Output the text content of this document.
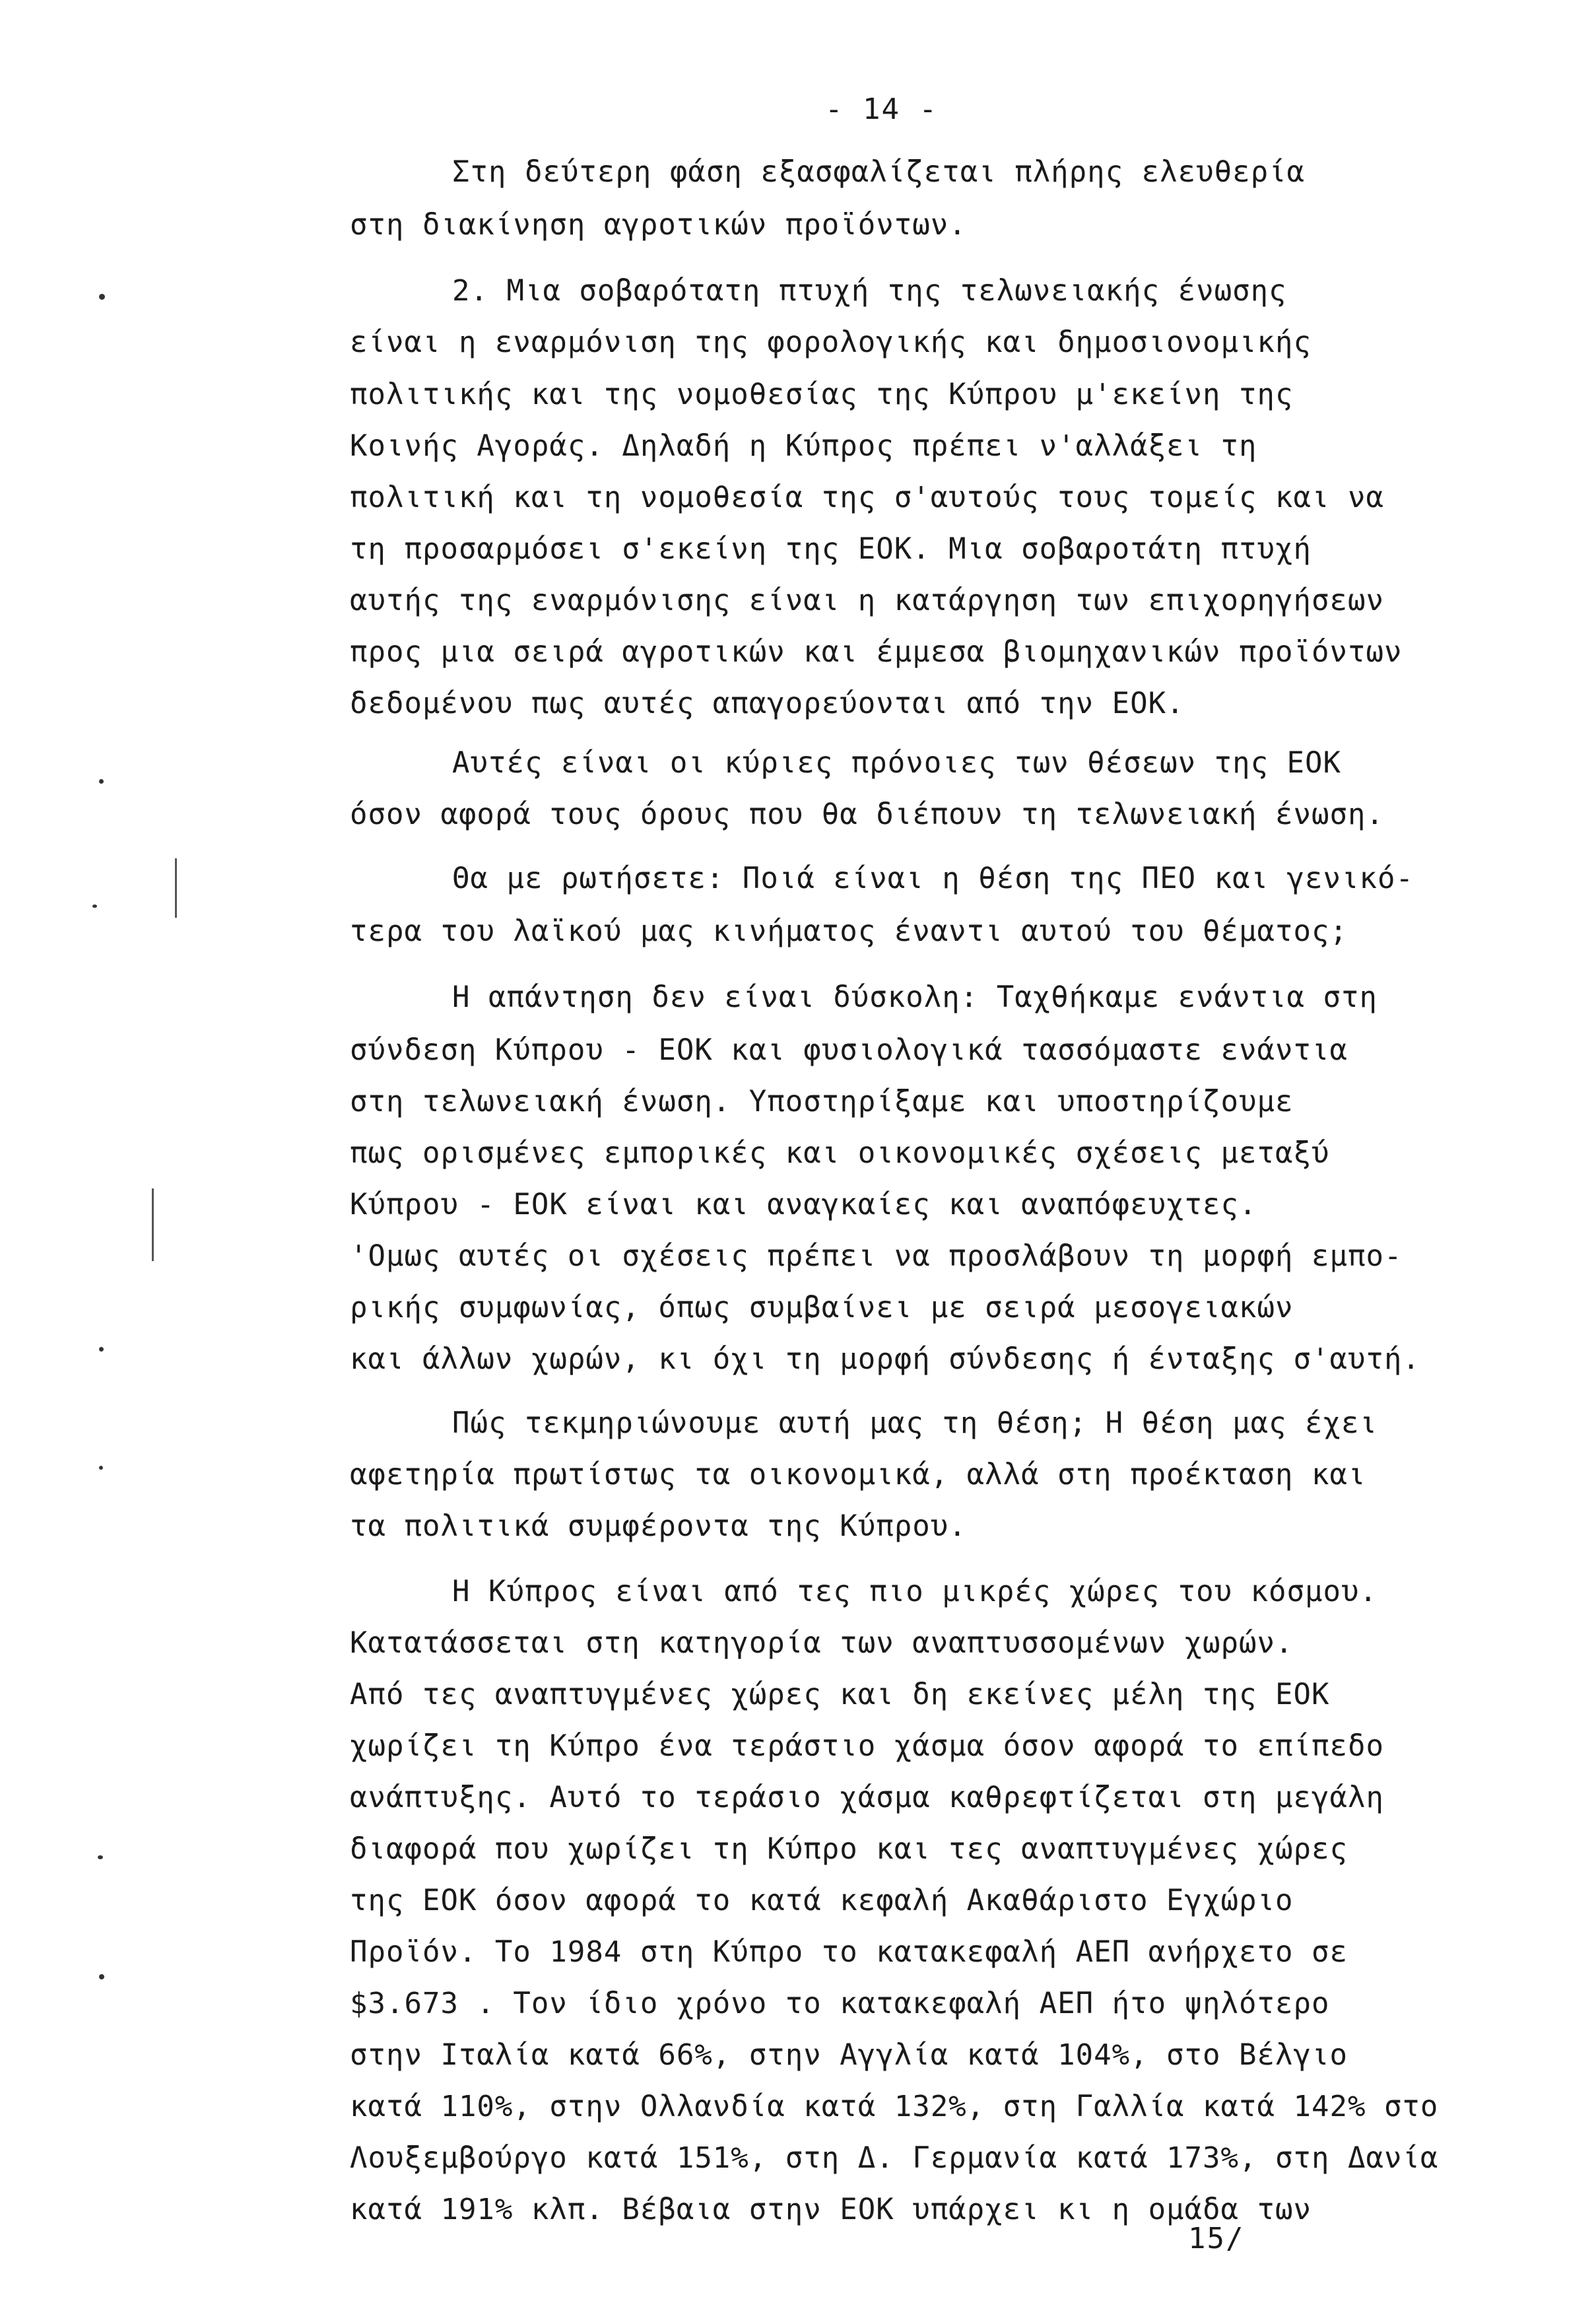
- 14 -
Στη δεύτερη φάση εξασφαλίζεται πλήρης ελευθερία
στη διακίνηση αγροτικών προϊόντων.
2. Μια σοβαρότατη πτυχή της τελωνειακής ένωσης
είναι η εναρμόνιση της φορολογικής και δημοσιονομικής
πολιτικής και της νομοθεσίας της Κύπρου μ'εκείνη της
Κοινής Αγοράς. Δηλαδή η Κύπρος πρέπει ν'αλλάξει τη
πολιτική και τη νομοθεσία της σ'αυτούς τους τομείς και να
τη προσαρμόσει σ'εκείνη της ΕΟΚ. Μια σοβαροτάτη πτυχή
αυτής της εναρμόνισης είναι η κατάργηση των επιχορηγήσεων
προς μια σειρά αγροτικών και έμμεσα βιομηχανικών προϊόντων
δεδομένου πως αυτές απαγορεύονται από την ΕΟΚ.
Αυτές είναι οι κύριες πρόνοιες των θέσεων της ΕΟΚ
όσον αφορά τους όρους που θα διέπουν τη τελωνειακή ένωση.
Θα με ρωτήσετε: Ποιά είναι η θέση της ΠΕΟ και γενικό-
τερα του λαϊκού μας κινήματος έναντι αυτού του θέματος;
Η απάντηση δεν είναι δύσκολη: Ταχθήκαμε ενάντια στη
σύνδεση Κύπρου - ΕΟΚ και φυσιολογικά τασσόμαστε ενάντια
στη τελωνειακή ένωση. Υποστηρίξαμε και υποστηρίζουμε
πως ορισμένες εμπορικές και οικονομικές σχέσεις μεταξύ
Κύπρου - ΕΟΚ είναι και αναγκαίες και αναπόφευχτες.
'Ομως αυτές οι σχέσεις πρέπει να προσλάβουν τη μορφή εμπο-
ρικής συμφωνίας, όπως συμβαίνει με σειρά μεσογειακών
και άλλων χωρών, κι όχι τη μορφή σύνδεσης ή ένταξης σ'αυτή.
Πώς τεκμηριώνουμε αυτή μας τη θέση; Η θέση μας έχει
αφετηρία πρωτίστως τα οικονομικά, αλλά στη προέκταση και
τα πολιτικά συμφέροντα της Κύπρου.
Η Κύπρος είναι από τες πιο μικρές χώρες του κόσμου.
Κατατάσσεται στη κατηγορία των αναπτυσσομένων χωρών.
Από τες αναπτυγμένες χώρες και δη εκείνες μέλη της ΕΟΚ
χωρίζει τη Κύπρο ένα τεράστιο χάσμα όσον αφορά το επίπεδο
ανάπτυξης. Αυτό το τεράσιο χάσμα καθρεφτίζεται στη μεγάλη
διαφορά που χωρίζει τη Κύπρο και τες αναπτυγμένες χώρες
της ΕΟΚ όσον αφορά το κατά κεφαλή Ακαθάριστο Εγχώριο
Προϊόν. Το 1984 στη Κύπρο το κατακεφαλή ΑΕΠ ανήρχετο σε
$3.673 . Τον ίδιο χρόνο το κατακεφαλή ΑΕΠ ήτο ψηλότερο
στην Ιταλία κατά 66%, στην Αγγλία κατά 104%, στο Βέλγιο
κατά 110%, στην Ολλανδία κατά 132%, στη Γαλλία κατά 142% στο
Λουξεμβούργο κατά 151%, στη Δ. Γερμανία κατά 173%, στη Δανία
κατά 191% κλπ. Βέβαια στην ΕΟΚ υπάρχει κι η ομάδα των
15/
